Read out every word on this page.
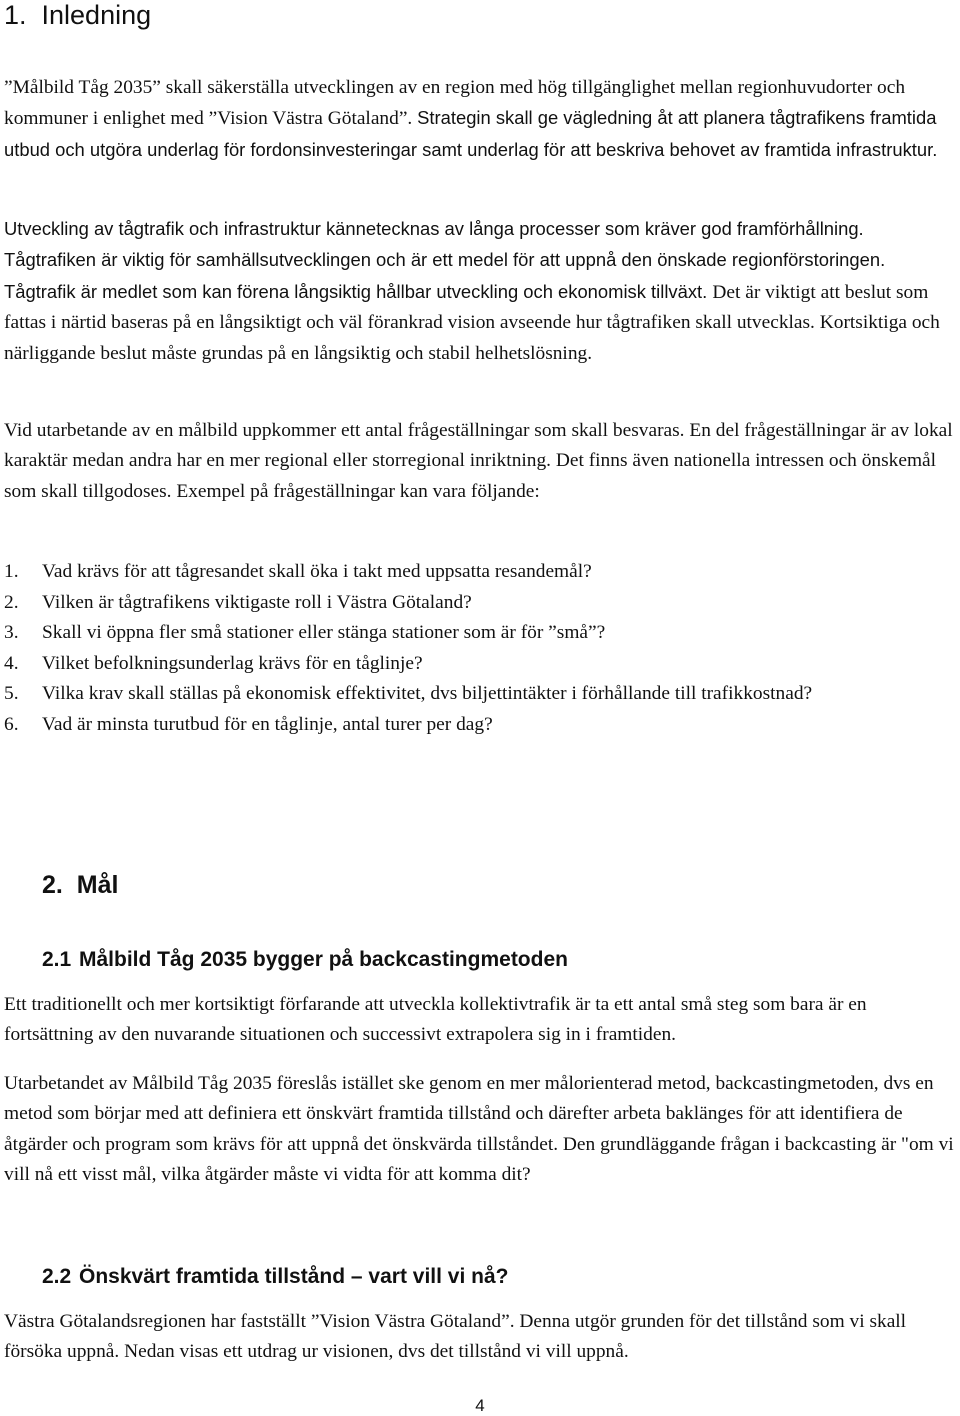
1.  Inledning

”Målbild Tåg 2035” skall säkerställa utvecklingen av en region med hög tillgänglighet mellan regionhuvudorter och kommuner i enlighet med ”Vision Västra Götaland”. Strategin skall ge vägledning åt att planera tågtrafikens framtida utbud och utgöra underlag för fordonsinvesteringar samt underlag för att beskriva behovet av framtida infrastruktur.

Utveckling av tågtrafik och infrastruktur kännetecknas av långa processer som kräver god framförhållning. Tågtrafiken är viktig för samhällsutvecklingen och är ett medel för att uppnå den önskade regionförstoringen. Tågtrafik är medlet som kan förena långsiktig hållbar utveckling och ekonomisk tillväxt. Det är viktigt att beslut som fattas i närtid baseras på en långsiktigt och väl förankrad vision avseende hur tågtrafiken skall utvecklas. Kortsiktiga och närliggande beslut måste grundas på en långsiktig och stabil helhetslösning.

Vid utarbetande av en målbild uppkommer ett antal frågeställningar som skall besvaras. En del frågeställningar är av lokal karaktär medan andra har en mer regional eller storregional inriktning. Det finns även nationella intressen och önskemål som skall tillgodoses. Exempel på frågeställningar kan vara följande:

1. Vad krävs för att tågresandet skall öka i takt med uppsatta resandemål?
2. Vilken är tågtrafikens viktigaste roll i Västra Götaland?
3. Skall vi öppna fler små stationer eller stänga stationer som är för ”små”?
4. Vilket befolkningsunderlag krävs för en tåglinje?
5. Vilka krav skall ställas på ekonomisk effektivitet, dvs biljettintäkter i förhållande till trafikkostnad?
6. Vad är minsta turutbud för en tåglinje, antal turer per dag?
2.  Mål
2.1 Målbild Tåg 2035 bygger på backcastingmetoden

Ett traditionellt och mer kortsiktigt förfarande att utveckla kollektivtrafik är ta ett antal små steg som bara är en fortsättning av den nuvarande situationen och successivt extrapolera sig in i framtiden.

Utarbetandet av Målbild Tåg 2035 föreslås istället ske genom en mer målorienterad metod, backcastingmetoden, dvs en metod som börjar med att definiera ett önskvärt framtida tillstånd och därefter arbeta baklänges för att identifiera de åtgärder och program som krävs för att uppnå det önskvärda tillståndet. Den grundläggande frågan i backcasting är "om vi vill nå ett visst mål, vilka åtgärder måste vi vidta för att komma dit?

2.2 Önskvärt framtida tillstånd – vart vill vi nå?

Västra Götalandsregionen har fastställt ”Vision Västra Götaland”. Denna utgör grunden för det tillstånd som vi skall försöka uppnå. Nedan visas ett utdrag ur visionen, dvs det tillstånd vi vill uppnå.

4
